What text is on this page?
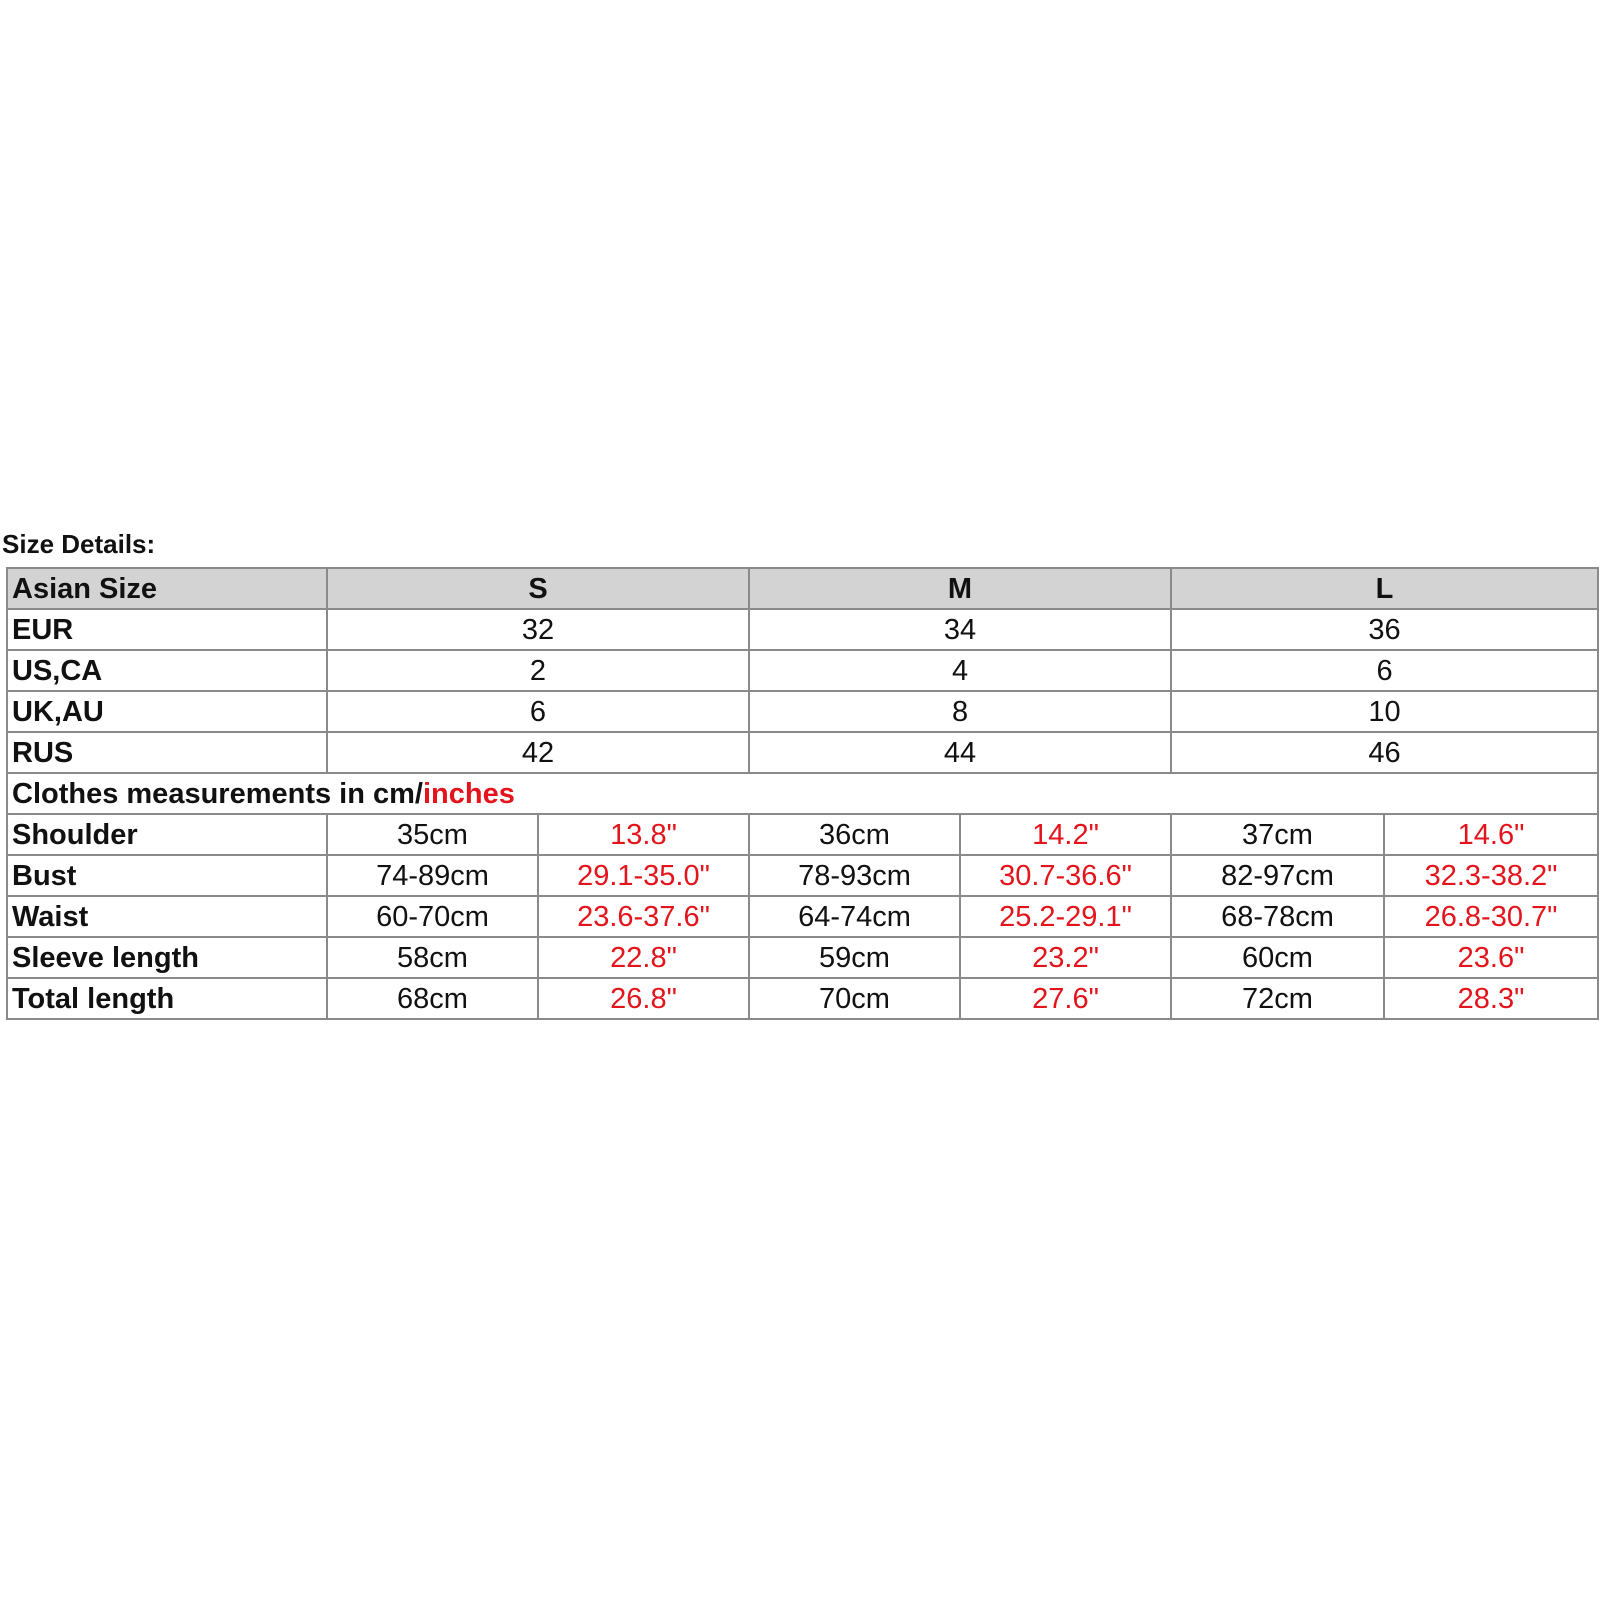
Size Details:
Asian Size	S		M		L	
EUR	32		34		36	
US,CA	2		4		6	
UK,AU	6		8		10	
RUS	42		44		46	
Clothes measurements in cm/inches						
Shoulder	35cm	13.8"	36cm	14.2"	37cm	14.6"
Bust	74-89cm	29.1-35.0"	78-93cm	30.7-36.6"	82-97cm	32.3-38.2"
Waist	60-70cm	23.6-37.6"	64-74cm	25.2-29.1"	68-78cm	26.8-30.7"
Sleeve length	58cm	22.8"	59cm	23.2"	60cm	23.6"
Total length	68cm	26.8"	70cm	27.6"	72cm	28.3"
